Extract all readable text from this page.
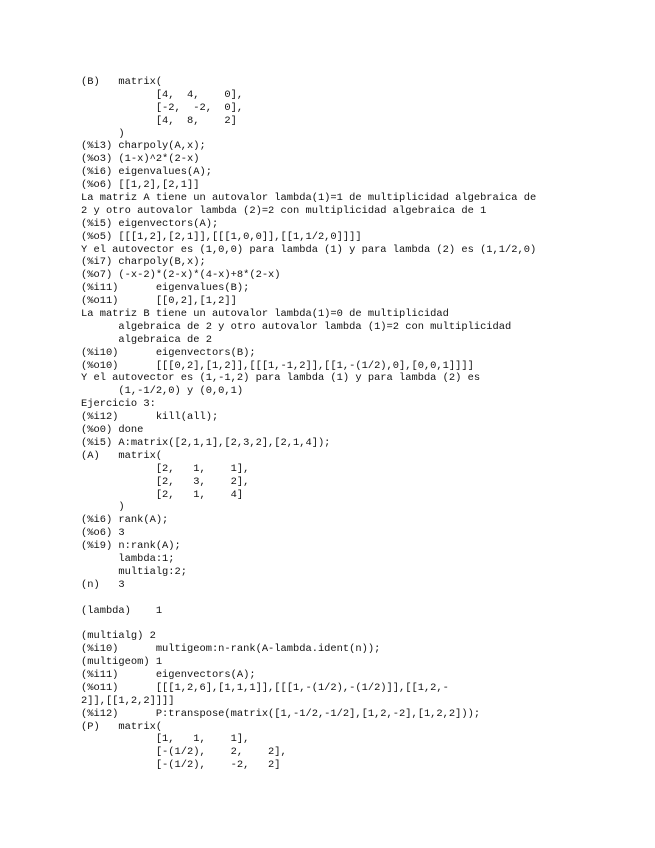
(B)   matrix(
[4,  4,    0],
[-2,  -2,  0],
[4,  8,    2]
)
(%i3) charpoly(A,x);
(%o3) (1-x)^2*(2-x)
(%i6) eigenvalues(A);
(%o6) [[1,2],[2,1]]
La matriz A tiene un autovalor lambda(1)=1 de multiplicidad algebraica de
2 y otro autovalor lambda (2)=2 con multiplicidad algebraica de 1
(%i5) eigenvectors(A);
(%o5) [[[1,2],[2,1]],[[[1,0,0]],[[1,1/2,0]]]]
Y el autovector es (1,0,0) para lambda (1) y para lambda (2) es (1,1/2,0)
(%i7) charpoly(B,x);
(%o7) (-x-2)*(2-x)*(4-x)+8*(2-x)
(%i11)      eigenvalues(B);
(%o11)      [[0,2],[1,2]]
La matriz B tiene un autovalor lambda(1)=0 de multiplicidad
algebraica de 2 y otro autovalor lambda (1)=2 con multiplicidad
algebraica de 2
(%i10)      eigenvectors(B);
(%o10)      [[[0,2],[1,2]],[[[1,-1,2]],[[1,-(1/2),0],[0,0,1]]]]
Y el autovector es (1,-1,2) para lambda (1) y para lambda (2) es
(1,-1/2,0) y (0,0,1)
Ejercicio 3:
(%i12)      kill(all);
(%o0) done
(%i5) A:matrix([2,1,1],[2,3,2],[2,1,4]);
(A)   matrix(
[2,   1,    1],
[2,   3,    2],
[2,   1,    4]
)
(%i6) rank(A);
(%o6) 3
(%i9) n:rank(A);
lambda:1;
multialg:2;
(n)   3
(lambda)    1
(multialg) 2
(%i10)      multigeom:n-rank(A-lambda.ident(n));
(multigeom) 1
(%i11)      eigenvectors(A);
(%o11)      [[[1,2,6],[1,1,1]],[[[1,-(1/2),-(1/2)]],[[1,2,-
2]],[[1,2,2]]]]
(%i12)      P:transpose(matrix([1,-1/2,-1/2],[1,2,-2],[1,2,2]));
(P)   matrix(
[1,   1,    1],
[-(1/2),    2,    2],
[-(1/2),    -2,   2]
